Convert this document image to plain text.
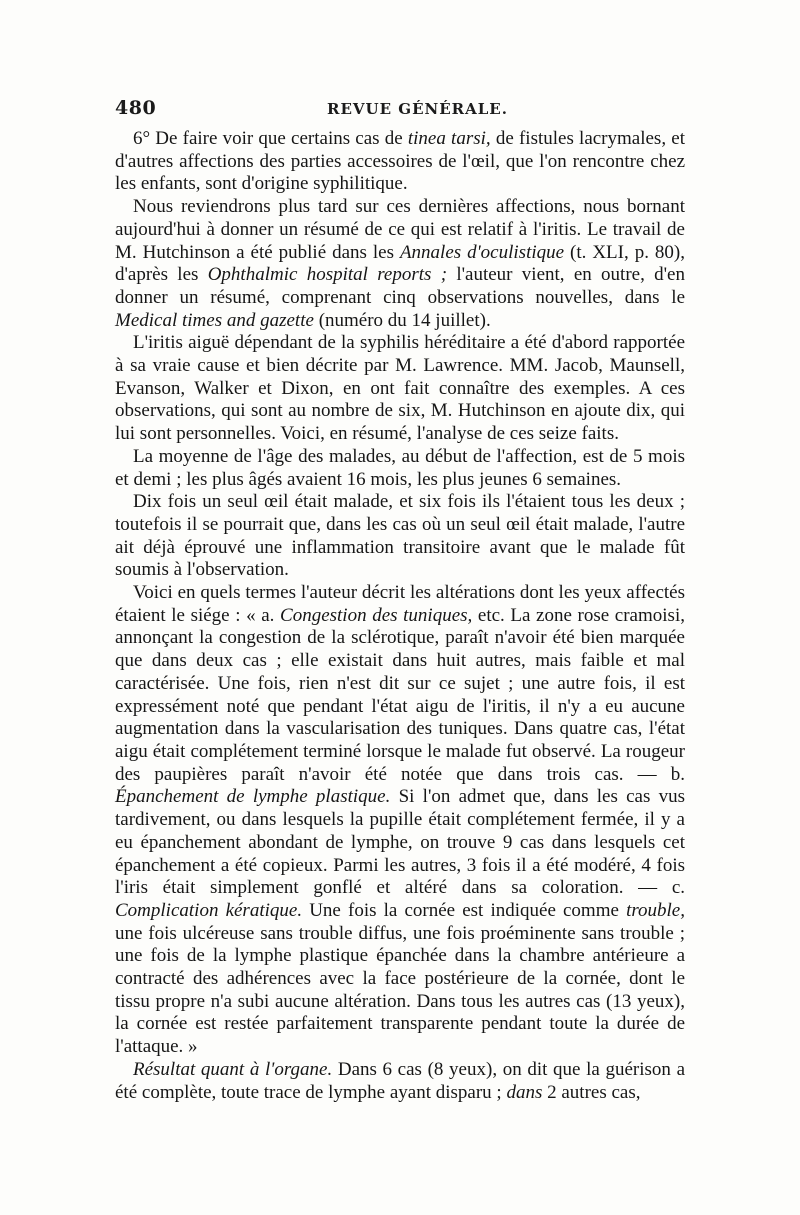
480	REVUE GÉNÉRALE.

6° De faire voir que certains cas de tinea tarsi, de fistules lacrymales, et d'autres affections des parties accessoires de l'œil, que l'on rencontre chez les enfants, sont d'origine syphilitique.

Nous reviendrons plus tard sur ces dernières affections, nous bornant aujourd'hui à donner un résumé de ce qui est relatif à l'iritis. Le travail de M. Hutchinson a été publié dans les Annales d'oculistique (t. XLI, p. 80), d'après les Ophthalmic hospital reports ; l'auteur vient, en outre, d'en donner un résumé, comprenant cinq observations nouvelles, dans le Medical times and gazette (numéro du 14 juillet).

L'iritis aiguë dépendant de la syphilis héréditaire a été d'abord rapportée à sa vraie cause et bien décrite par M. Lawrence. MM. Jacob, Maunsell, Evanson, Walker et Dixon, en ont fait connaître des exemples. A ces observations, qui sont au nombre de six, M. Hutchinson en ajoute dix, qui lui sont personnelles. Voici, en résumé, l'analyse de ces seize faits.

La moyenne de l'âge des malades, au début de l'affection, est de 5 mois et demi ; les plus âgés avaient 16 mois, les plus jeunes 6 semaines.

Dix fois un seul œil était malade, et six fois ils l'étaient tous les deux ; toutefois il se pourrait que, dans les cas où un seul œil était malade, l'autre ait déjà éprouvé une inflammation transitoire avant que le malade fût soumis à l'observation.

Voici en quels termes l'auteur décrit les altérations dont les yeux affectés étaient le siége : « a. Congestion des tuniques, etc. La zone rose cramoisi, annonçant la congestion de la sclérotique, paraît n'avoir été bien marquée que dans deux cas ; elle existait dans huit autres, mais faible et mal caractérisée. Une fois, rien n'est dit sur ce sujet ; une autre fois, il est expressément noté que pendant l'état aigu de l'iritis, il n'y a eu aucune augmentation dans la vascularisation des tuniques. Dans quatre cas, l'état aigu était complétement terminé lorsque le malade fut observé. La rougeur des paupières paraît n'avoir été notée que dans trois cas. — b. Épanchement de lymphe plastique. Si l'on admet que, dans les cas vus tardivement, ou dans lesquels la pupille était complétement fermée, il y a eu épanchement abondant de lymphe, on trouve 9 cas dans lesquels cet épanchement a été copieux. Parmi les autres, 3 fois il a été modéré, 4 fois l'iris était simplement gonflé et altéré dans sa coloration. — c. Complication kératique. Une fois la cornée est indiquée comme trouble, une fois ulcéreuse sans trouble diffus, une fois proéminente sans trouble ; une fois de la lymphe plastique épanchée dans la chambre antérieure a contracté des adhérences avec la face postérieure de la cornée, dont le tissu propre n'a subi aucune altération. Dans tous les autres cas (13 yeux), la cornée est restée parfaitement transparente pendant toute la durée de l'attaque. »

Résultat quant à l'organe. Dans 6 cas (8 yeux), on dit que la guérison a été complète, toute trace de lymphe ayant disparu ; dans 2 autres cas,
